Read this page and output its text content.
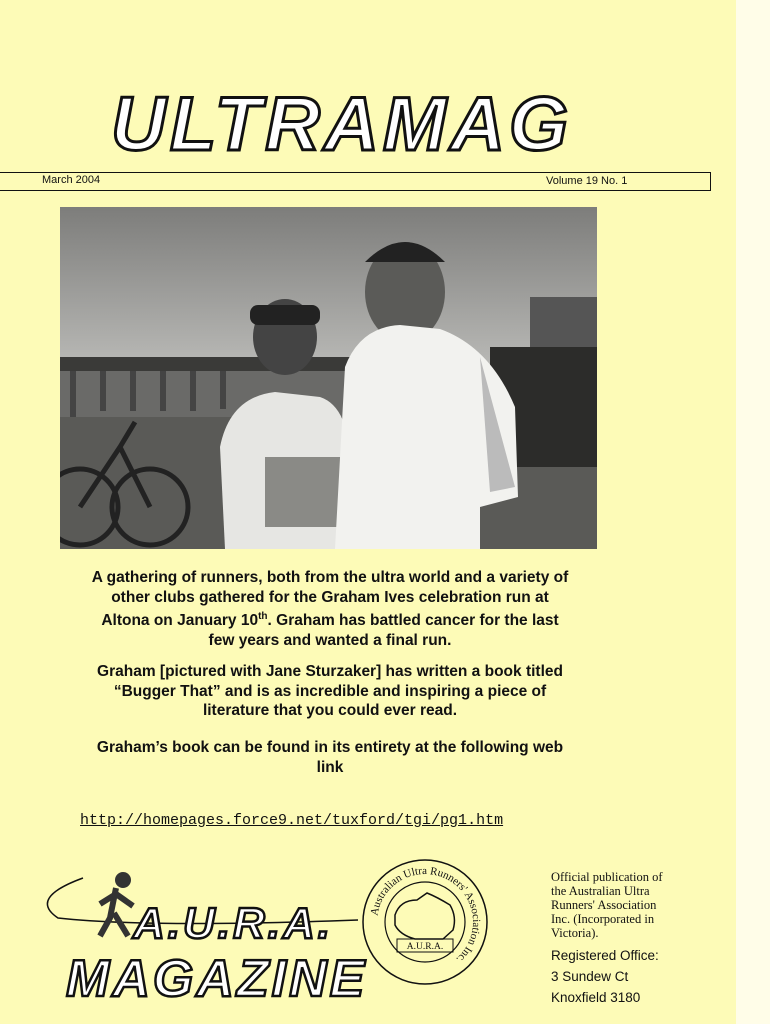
ULTRAMAG
March 2004	Volume 19 No. 1
A gathering of runners, both from the ultra world and a variety of
other clubs gathered for the Graham Ives celebration run at
Altona on January 10th. Graham has battled cancer for the last
few years and wanted a final run.
Graham [pictured with Jane Sturzaker] has written a book titled
“Bugger That” and is as incredible and inspiring a piece of
literature that you could ever read.
Graham’s book can be found in its entirety at the following web
link
http://homepages.force9.net/tuxford/tgi/pg1.htm
A.U.R.A.
MAGAZINE
Australian Ultra Runners' Association Inc.
A.U.R.A.
Official publication of
the Australian Ultra
Runners' Association
Inc. (Incorporated in
Victoria).
Registered Office:
3 Sundew Ct
Knoxfield 3180
